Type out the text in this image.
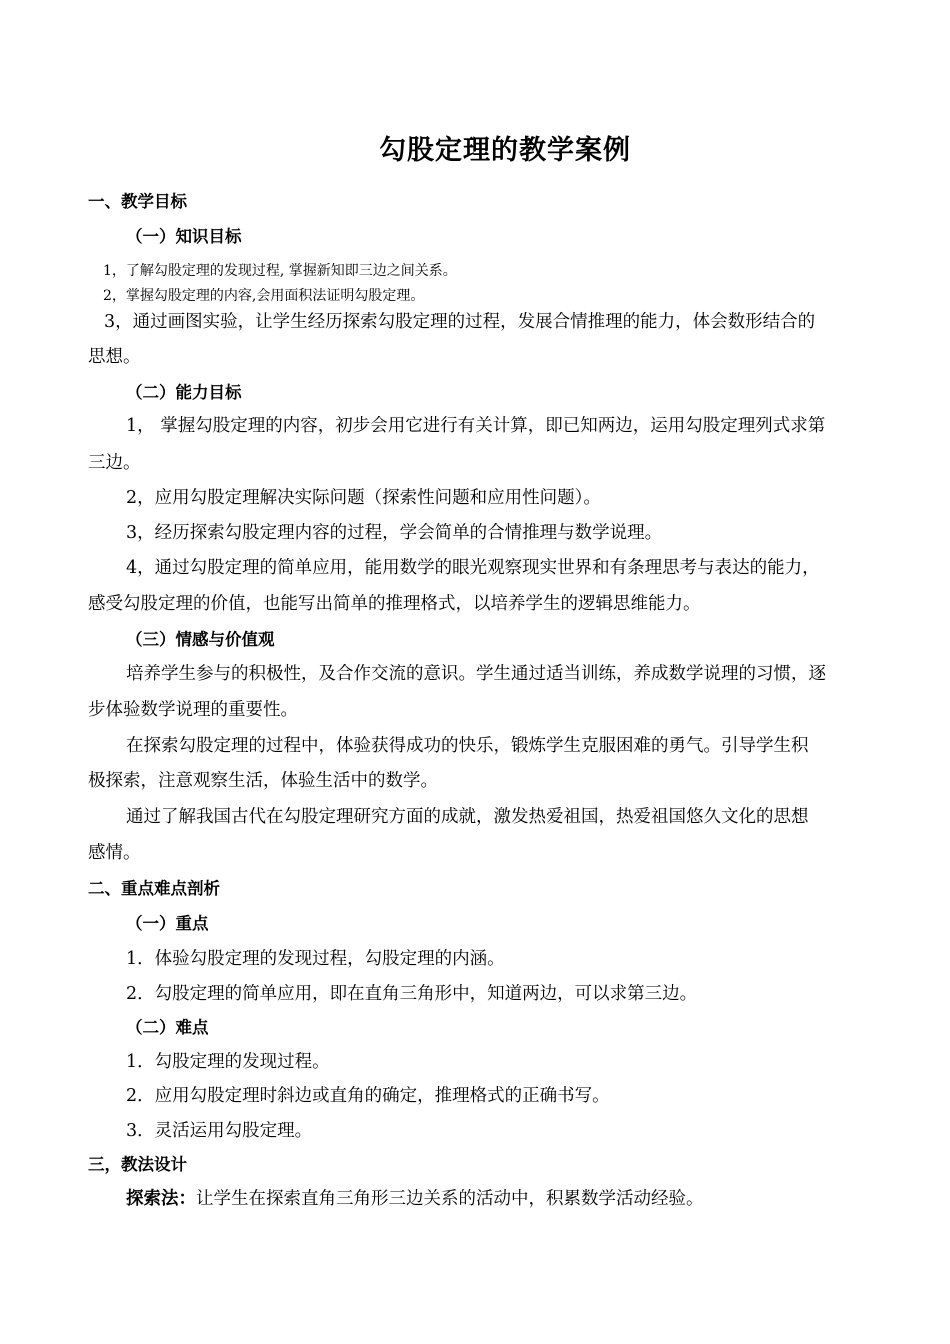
勾股定理的教学案例
一、教学目标
（一）知识目标
1，了解勾股定理的发现过程, 掌握新知即三边之间关系。
2，掌握勾股定理的内容,会用面积法证明勾股定理。
3，通过画图实验，让学生经历探索勾股定理的过程，发展合情推理的能力，体会数形结合的
思想。
（二）能力目标
1， 掌握勾股定理的内容，初步会用它进行有关计算，即已知两边，运用勾股定理列式求第
三边。
2，应用勾股定理解决实际问题（探索性问题和应用性问题）。
3，经历探索勾股定理内容的过程，学会简单的合情推理与数学说理。
4，通过勾股定理的简单应用，能用数学的眼光观察现实世界和有条理思考与表达的能力，
感受勾股定理的价值，也能写出简单的推理格式，以培养学生的逻辑思维能力。
（三）情感与价值观
培养学生参与的积极性，及合作交流的意识。学生通过适当训练，养成数学说理的习惯，逐
步体验数学说理的重要性。
在探索勾股定理的过程中，体验获得成功的快乐，锻炼学生克服困难的勇气。引导学生积
极探索，注意观察生活，体验生活中的数学。
通过了解我国古代在勾股定理研究方面的成就，激发热爱祖国，热爱祖国悠久文化的思想
感情。
二、重点难点剖析
（一）重点
1．体验勾股定理的发现过程，勾股定理的内涵。
2．勾股定理的简单应用，即在直角三角形中，知道两边，可以求第三边。
（二）难点
1．勾股定理的发现过程。
2．应用勾股定理时斜边或直角的确定，推理格式的正确书写。
3．灵活运用勾股定理。
三，教法设计
探索法：让学生在探索直角三角形三边关系的活动中，积累数学活动经验。
